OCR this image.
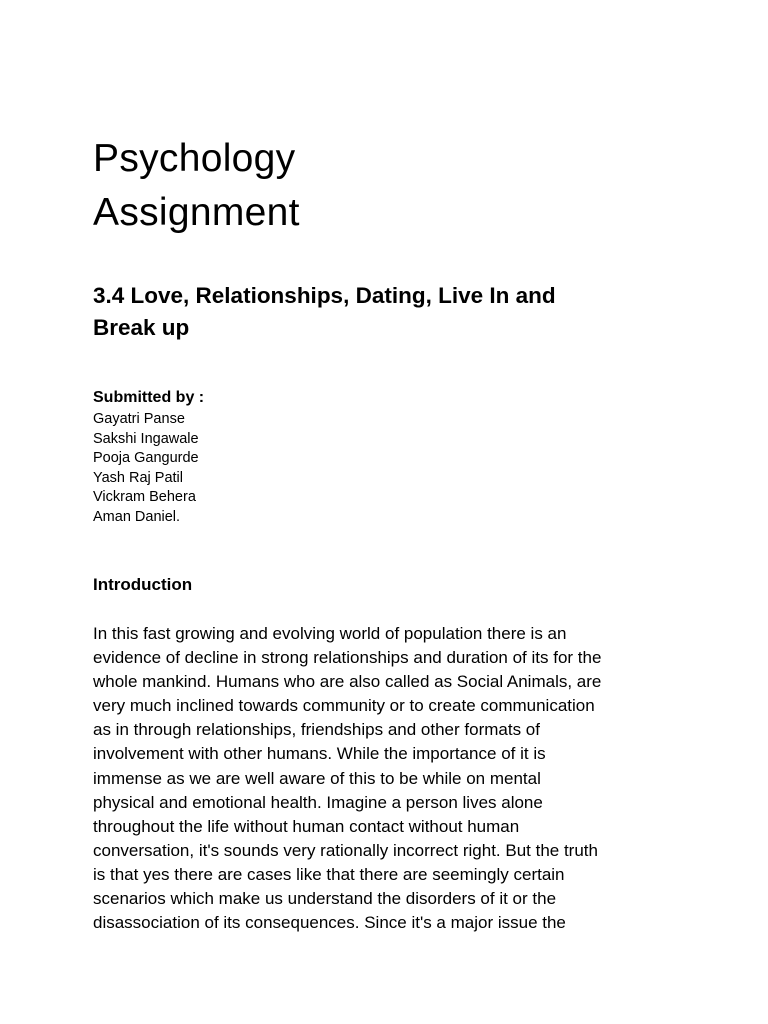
Psychology
Assignment
3.4 Love, Relationships, Dating, Live In and
Break up
Submitted by :
Gayatri Panse
Sakshi Ingawale
Pooja Gangurde
Yash Raj Patil
Vickram Behera
Aman Daniel.
Introduction

In this fast growing and evolving world of population there is an
evidence of decline in strong relationships and duration of its for the
whole mankind. Humans who are also called as Social Animals, are
very much inclined towards community or to create communication
as in through relationships, friendships and other formats of
involvement with other humans. While the importance of it is
immense as we are well aware of this to be while on mental
physical and emotional health. Imagine a person lives alone
throughout the life without human contact without human
conversation, it's sounds very rationally incorrect right. But the truth
is that yes there are cases like that there are seemingly certain
scenarios which make us understand the disorders of it or the
disassociation of its consequences. Since it's a major issue the
